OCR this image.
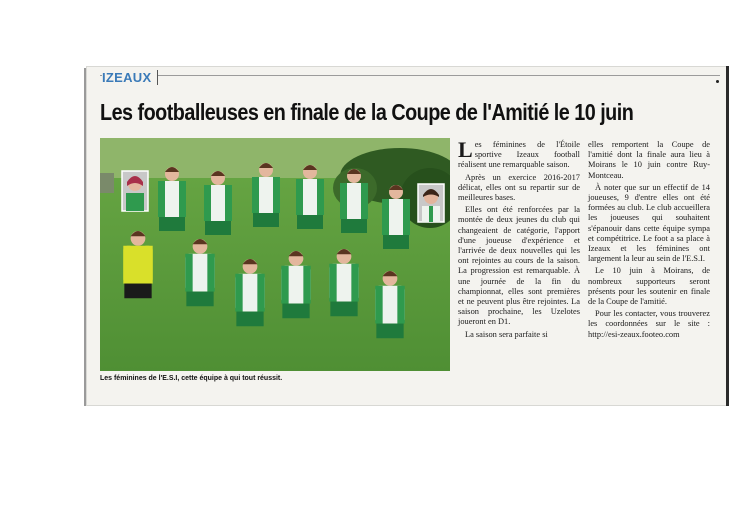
IZEAUX
Les footballeuses en finale de la Coupe de l'Amitié le 10 juin
Les féminines de l'E.S.I, cette équipe à qui tout réussit.

L es féminines de l'Étoile sportive Izeaux football réalisent une remarquable saison.

Après un exercice 2016-2017 délicat, elles ont su repartir sur de meilleures bases.

Elles ont été renforcées par la montée de deux jeunes du club qui changeaient de catégorie, l'apport d'une joueuse d'expérience et l'arrivée de deux nouvelles qui les ont rejointes au cours de la saison. La progression est remarquable. À une journée de la fin du championnat, elles sont premières et ne peuvent plus être rejointes. La saison prochaine, les Uzelotes joueront en D1.

La saison sera parfaite si

elles remportent la Coupe de l'amitié dont la finale aura lieu à Moirans le 10 juin contre Ruy-Montceau.

À noter que sur un effectif de 14 joueuses, 9 d'entre elles ont été formées au club. Le club accueillera les joueuses qui souhaitent s'épanouir dans cette équipe sympa et compétitrice. Le foot a sa place à Izeaux et les féminines ont largement la leur au sein de l'E.S.I.

Le 10 juin à Moirans, de nombreux supporteurs seront présents pour les soutenir en finale de la Coupe de l'amitié.

Pour les contacter, vous trouverez les coordonnées sur le site : http://esi-zeaux.footeo.com
